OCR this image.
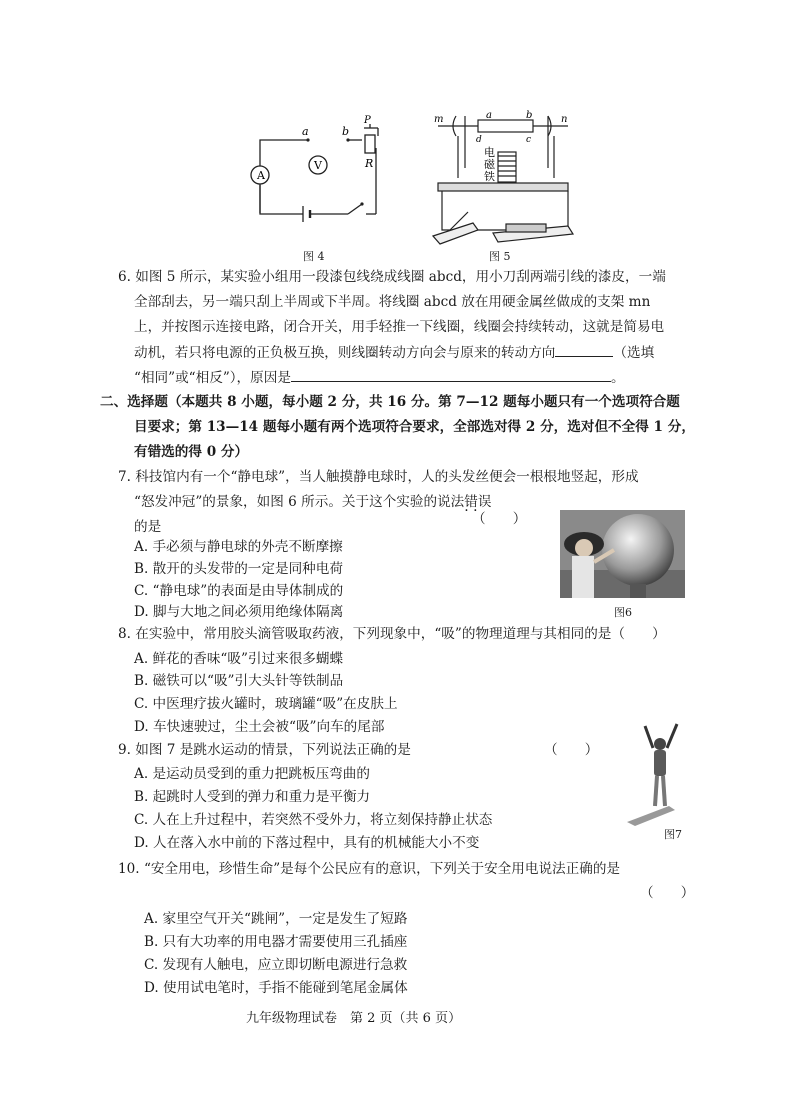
A
V
a	b
P
R
图 4
m	n
a	b
d	c
电
磁
铁
图 5
6. 如图 5 所示，某实验小组用一段漆包线绕成线圈 abcd，用小刀刮两端引线的漆皮，一端
全部刮去，另一端只刮上半周或下半周。将线圈 abcd 放在用硬金属丝做成的支架 mn
上，并按图示连接电路，闭合开关，用手轻推一下线圈，线圈会持续转动，这就是简易电
动机，若只将电源的正负极互换，则线圈转动方向会与原来的转动方向	（选填
“相同”或“相反”），原因是	。
二、选择题（本题共 8 小题，每小题 2 分，共 16 分。第 7—12 题每小题只有一个选项符合题
目要求；第 13—14 题每小题有两个选项符合要求，全部选对得 2 分，选对但不全得 1 分，
有错选的得 0 分）
7. 科技馆内有一个“静电球”，当人触摸静电球时，人的头发丝便会一根根地竖起，形成
“怒发冲冠”的景象，如图 6 所示。关于这个实验的说法错误 · ·
的是	（　　）
A. 手必须与静电球的外壳不断摩擦
B. 散开的头发带的一定是同种电荷
C. “静电球”的表面是由导体制成的
D. 脚与大地之间必须用绝缘体隔离	图6
8. 在实验中，常用胶头滴管吸取药液，下列现象中，“吸”的物理道理与其相同的是（　　）
A. 鲜花的香味“吸”引过来很多蝴蝶
B. 磁铁可以“吸”引大头针等铁制品
C. 中医理疗拔火罐时，玻璃罐“吸”在皮肤上
D. 车快速驶过，尘土会被“吸”向车的尾部
9. 如图 7 是跳水运动的情景，下列说法正确的是	（　　）
A. 是运动员受到的重力把跳板压弯曲的
B. 起跳时人受到的弹力和重力是平衡力
C. 人在上升过程中，若突然不受外力，将立刻保持静止状态
D. 人在落入水中前的下落过程中，具有的机械能大小不变
图7
10. “安全用电，珍惜生命”是每个公民应有的意识，下列关于安全用电说法正确的是
（　　）
A. 家里空气开关“跳闸”，一定是发生了短路
B. 只有大功率的用电器才需要使用三孔插座
C. 发现有人触电，应立即切断电源进行急救
D. 使用试电笔时，手指不能碰到笔尾金属体
九年级物理试卷　第 2 页（共 6 页）
